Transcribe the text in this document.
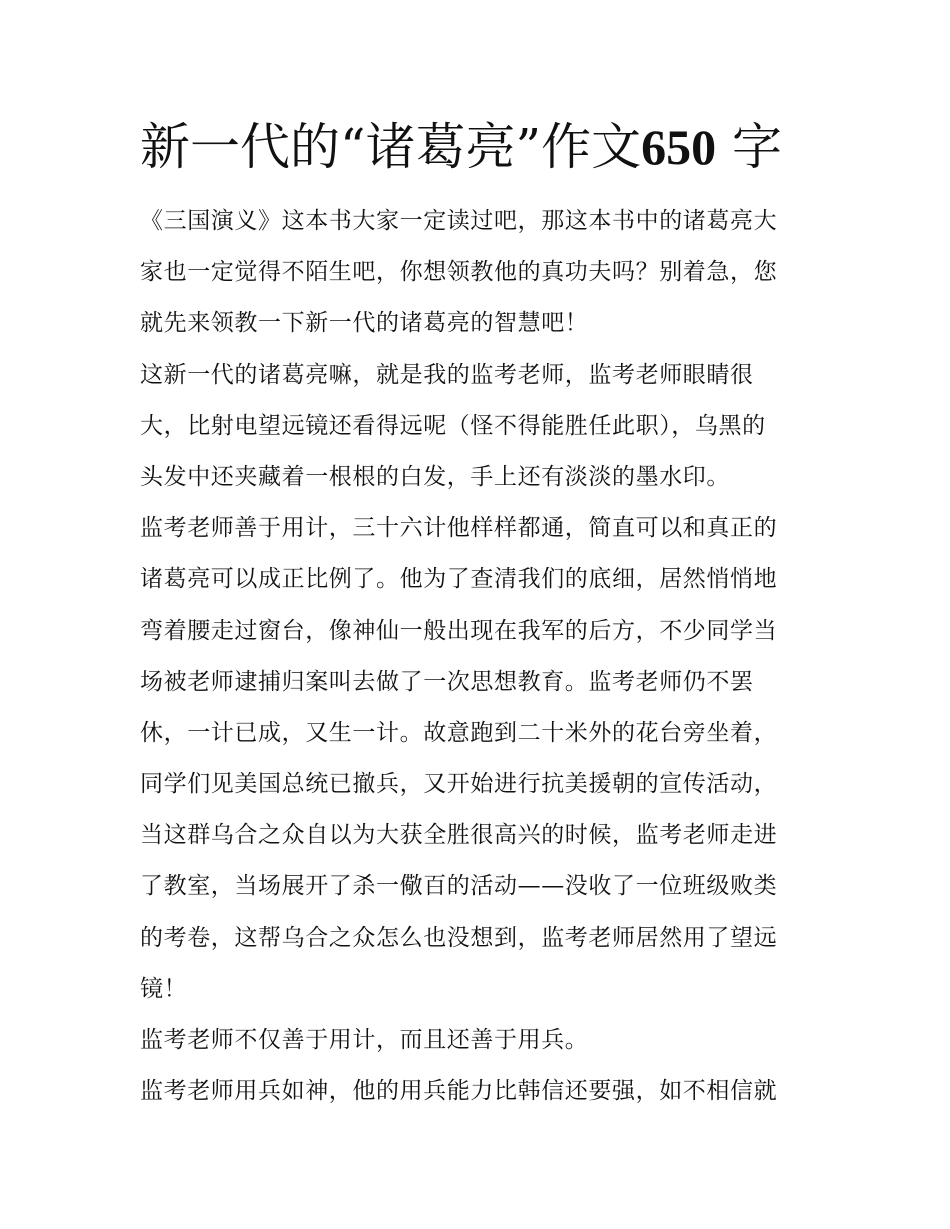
新一代的“诸葛亮”作文650 字

《三国演义》这本书大家一定读过吧，那这本书中的诸葛亮大

家也一定觉得不陌生吧，你想领教他的真功夫吗？别着急，您

就先来领教一下新一代的诸葛亮的智慧吧！

这新一代的诸葛亮嘛，就是我的监考老师，监考老师眼睛很

大，比射电望远镜还看得远呢（怪不得能胜任此职），乌黑的

头发中还夹藏着一根根的白发，手上还有淡淡的墨水印。

监考老师善于用计，三十六计他样样都通，简直可以和真正的

诸葛亮可以成正比例了。他为了查清我们的底细，居然悄悄地

弯着腰走过窗台，像神仙一般出现在我军的后方，不少同学当

场被老师逮捕归案叫去做了一次思想教育。监考老师仍不罢

休，一计已成，又生一计。故意跑到二十米外的花台旁坐着，

同学们见美国总统已撤兵，又开始进行抗美援朝的宣传活动，

当这群乌合之众自以为大获全胜很高兴的时候，监考老师走进

了教室，当场展开了杀一儆百的活动——没收了一位班级败类

的考卷，这帮乌合之众怎么也没想到，监考老师居然用了望远

镜！

监考老师不仅善于用计，而且还善于用兵。

监考老师用兵如神，他的用兵能力比韩信还要强，如不相信就
